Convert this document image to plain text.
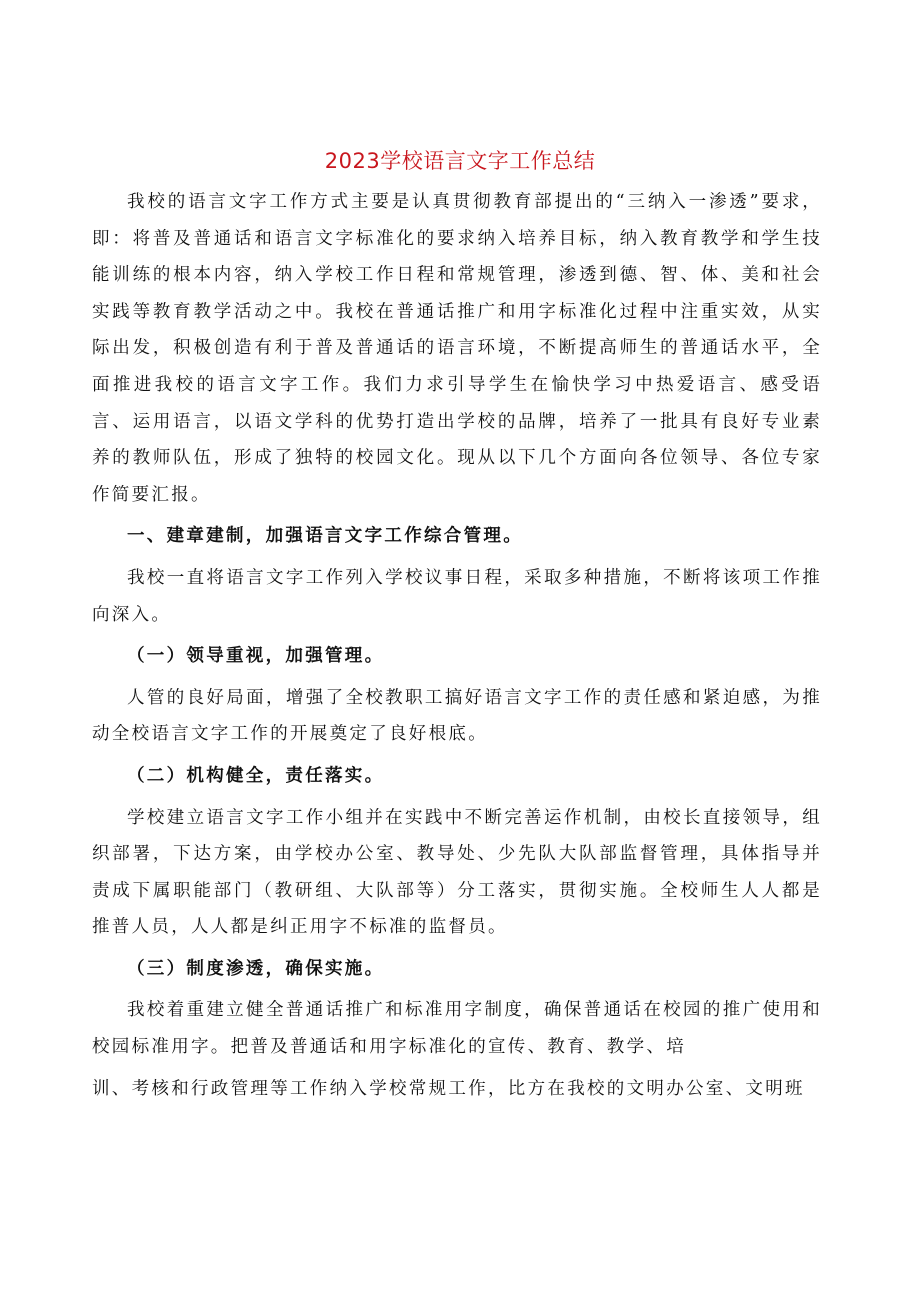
2023学校语言文字工作总结

我校的语言文字工作方式主要是认真贯彻教育部提出的“三纳入一渗透”要求，即：将普及普通话和语言文字标准化的要求纳入培养目标，纳入教育教学和学生技能训练的根本内容，纳入学校工作日程和常规管理，渗透到德、智、体、美和社会实践等教育教学活动之中。我校在普通话推广和用字标准化过程中注重实效，从实际出发，积极创造有利于普及普通话的语言环境，不断提高师生的普通话水平，全面推进我校的语言文字工作。我们力求引导学生在愉快学习中热爱语言、感受语言、运用语言，以语文学科的优势打造出学校的品牌，培养了一批具有良好专业素养的教师队伍，形成了独特的校园文化。现从以下几个方面向各位领导、各位专家作简要汇报。

一、建章建制，加强语言文字工作综合管理。

我校一直将语言文字工作列入学校议事日程，采取多种措施，不断将该项工作推向深入。

（一）领导重视，加强管理。

人管的良好局面，增强了全校教职工搞好语言文字工作的责任感和紧迫感，为推动全校语言文字工作的开展奠定了良好根底。

（二）机构健全，责任落实。

学校建立语言文字工作小组并在实践中不断完善运作机制，由校长直接领导，组织部署，下达方案，由学校办公室、教导处、少先队大队部监督管理，具体指导并责成下属职能部门（教研组、大队部等）分工落实，贯彻实施。全校师生人人都是推普人员，人人都是纠正用字不标准的监督员。

（三）制度渗透，确保实施。

我校着重建立健全普通话推广和标准用字制度，确保普通话在校园的推广使用和校园标准用字。把普及普通话和用字标准化的宣传、教育、教学、培

训、考核和行政管理等工作纳入学校常规工作，比方在我校的文明办公室、文明班
